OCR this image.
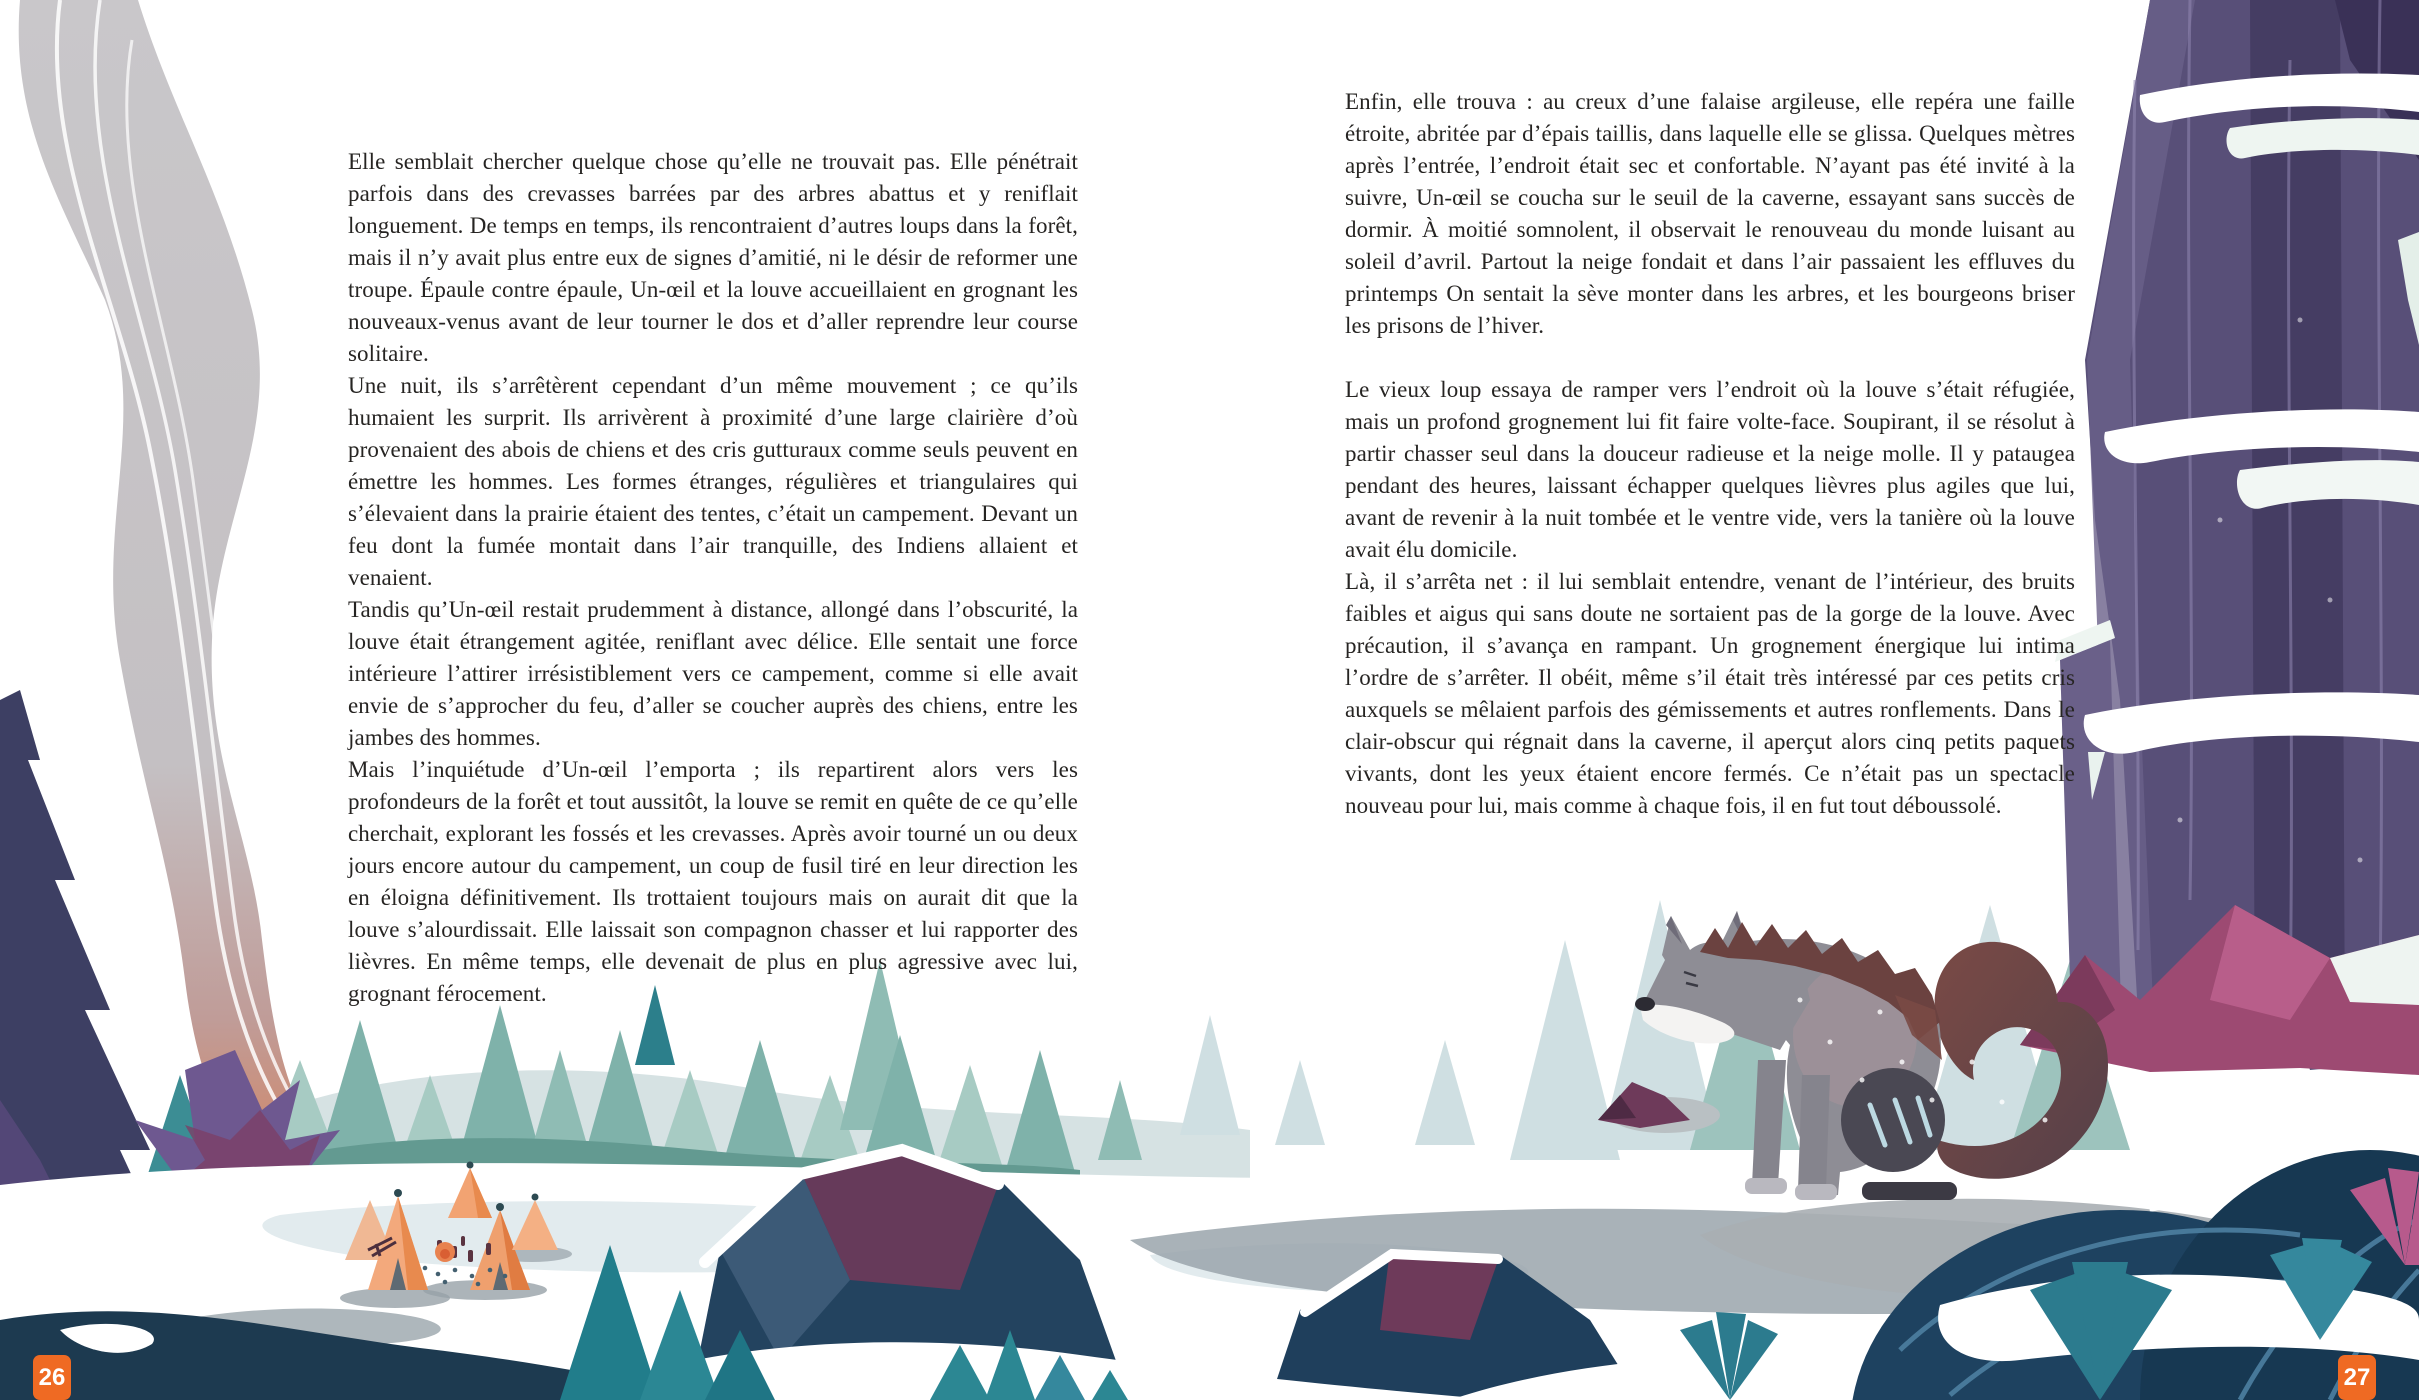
Elle semblait chercher quelque chose qu’elle ne trouvait pas. Elle pénétrait parfois dans des crevasses barrées par des arbres abattus et y reniflait longuement. De temps en temps, ils rencontraient d’autres loups dans la forêt, mais il n’y avait plus entre eux de signes d’amitié, ni le désir de reformer une troupe. Épaule contre épaule, Un-œil et la louve accueillaient en grognant les nouveaux-venus avant de leur tourner le dos et d’aller reprendre leur course solitaire.

Une nuit, ils s’arrêtèrent cependant d’un même mouvement ; ce qu’ils humaient les surprit. Ils arrivèrent à proximité d’une large clairière d’où provenaient des abois de chiens et des cris gutturaux comme seuls peuvent en émettre les hommes. Les formes étranges, régulières et triangulaires qui s’élevaient dans la prairie étaient des tentes, c’était un campement. Devant un feu dont la fumée montait dans l’air tranquille, des Indiens allaient et venaient.

Tandis qu’Un-œil restait prudemment à distance, allongé dans l’obscurité, la louve était étrangement agitée, reniflant avec délice. Elle sentait une force intérieure l’attirer irrésistiblement vers ce campement, comme si elle avait envie de s’approcher du feu, d’aller se coucher auprès des chiens, entre les jambes des hommes.

Mais l’inquiétude d’Un-œil l’emporta ; ils repartirent alors vers les profondeurs de la forêt et tout aussitôt, la louve se remit en quête de ce qu’elle cherchait, explorant les fossés et les crevasses. Après avoir tourné un ou deux jours encore autour du campement, un coup de fusil tiré en leur direction les en éloigna définitivement. Ils trottaient toujours mais on aurait dit que la louve s’alourdissait. Elle laissait son compagnon chasser et lui rapporter des lièvres. En même temps, elle devenait de plus en plus agressive avec lui, grognant férocement.

Enfin, elle trouva : au creux d’une falaise argileuse, elle repéra une faille étroite, abritée par d’épais taillis, dans laquelle elle se glissa. Quelques mètres après l’entrée, l’endroit était sec et confortable. N’ayant pas été invité à la suivre, Un-œil se coucha sur le seuil de la caverne, essayant sans succès de dormir. À moitié somnolent, il observait le renouveau du monde luisant au soleil d’avril. Partout la neige fondait et dans l’air passaient les effluves du printemps On sentait la sève monter dans les arbres, et les bourgeons briser les prisons de l’hiver.

Le vieux loup essaya de ramper vers l’endroit où la louve s’était réfugiée, mais un profond grognement lui fit faire volte-face. Soupirant, il se résolut à partir chasser seul dans la douceur radieuse et la neige molle. Il y pataugea pendant des heures, laissant échapper quelques lièvres plus agiles que lui, avant de revenir à la nuit tombée et le ventre vide, vers la tanière où la louve avait élu domicile.

Là, il s’arrêta net : il lui semblait entendre, venant de l’intérieur, des bruits faibles et aigus qui sans doute ne sortaient pas de la gorge de la louve. Avec précaution, il s’avança en rampant. Un grognement énergique lui intima l’ordre de s’arrêter. Il obéit, même s’il était très intéressé par ces petits cris auxquels se mêlaient parfois des gémissements et autres ronflements. Dans le clair-obscur qui régnait dans la caverne, il aperçut alors cinq petits paquets vivants, dont les yeux étaient encore fermés. Ce n’était pas un spectacle nouveau pour lui, mais comme à chaque fois, il en fut tout déboussolé.

26	27
